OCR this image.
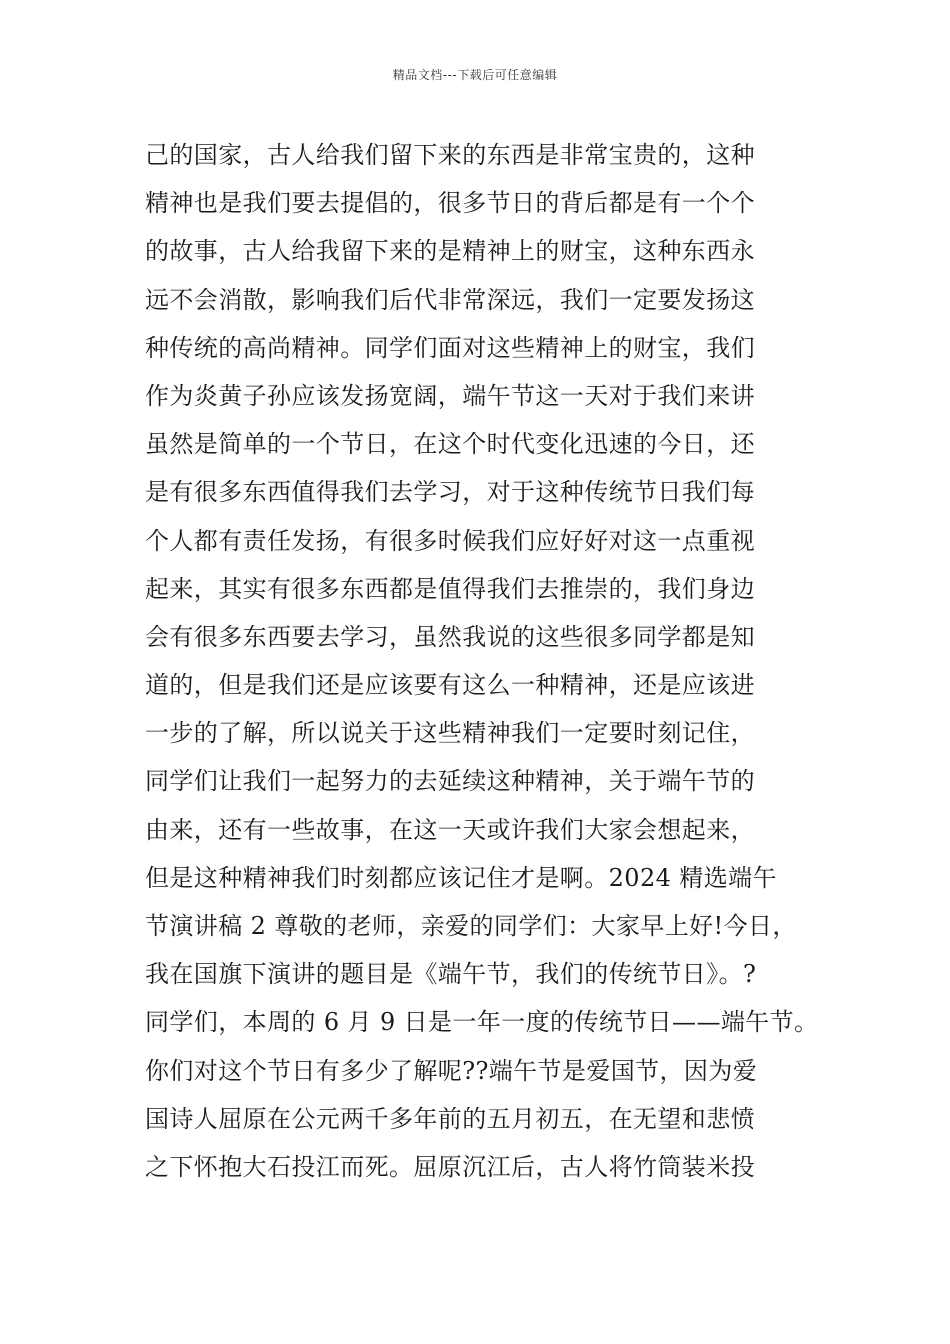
精品文档---下载后可任意编辑
己的国家，古人给我们留下来的东西是非常宝贵的，这种
精神也是我们要去提倡的，很多节日的背后都是有一个个
的故事，古人给我留下来的是精神上的财宝，这种东西永
远不会消散，影响我们后代非常深远，我们一定要发扬这
种传统的高尚精神。同学们面对这些精神上的财宝，我们
作为炎黄子孙应该发扬宽阔，端午节这一天对于我们来讲
虽然是简单的一个节日，在这个时代变化迅速的今日，还
是有很多东西值得我们去学习，对于这种传统节日我们每
个人都有责任发扬，有很多时候我们应好好对这一点重视
起来，其实有很多东西都是值得我们去推崇的，我们身边
会有很多东西要去学习，虽然我说的这些很多同学都是知
道的，但是我们还是应该要有这么一种精神，还是应该进
一步的了解，所以说关于这些精神我们一定要时刻记住，
同学们让我们一起努力的去延续这种精神，关于端午节的
由来，还有一些故事，在这一天或许我们大家会想起来，
但是这种精神我们时刻都应该记住才是啊。2024 精选端午
节演讲稿 2 尊敬的老师，亲爱的同学们：大家早上好!今日，
我在国旗下演讲的题目是《端午节，我们的传统节日》。?
同学们，本周的 6 月 9 日是一年一度的传统节日——端午节。
你们对这个节日有多少了解呢??端午节是爱国节，因为爱
国诗人屈原在公元两千多年前的五月初五，在无望和悲愤
之下怀抱大石投江而死。屈原沉江后，古人将竹筒装米投
